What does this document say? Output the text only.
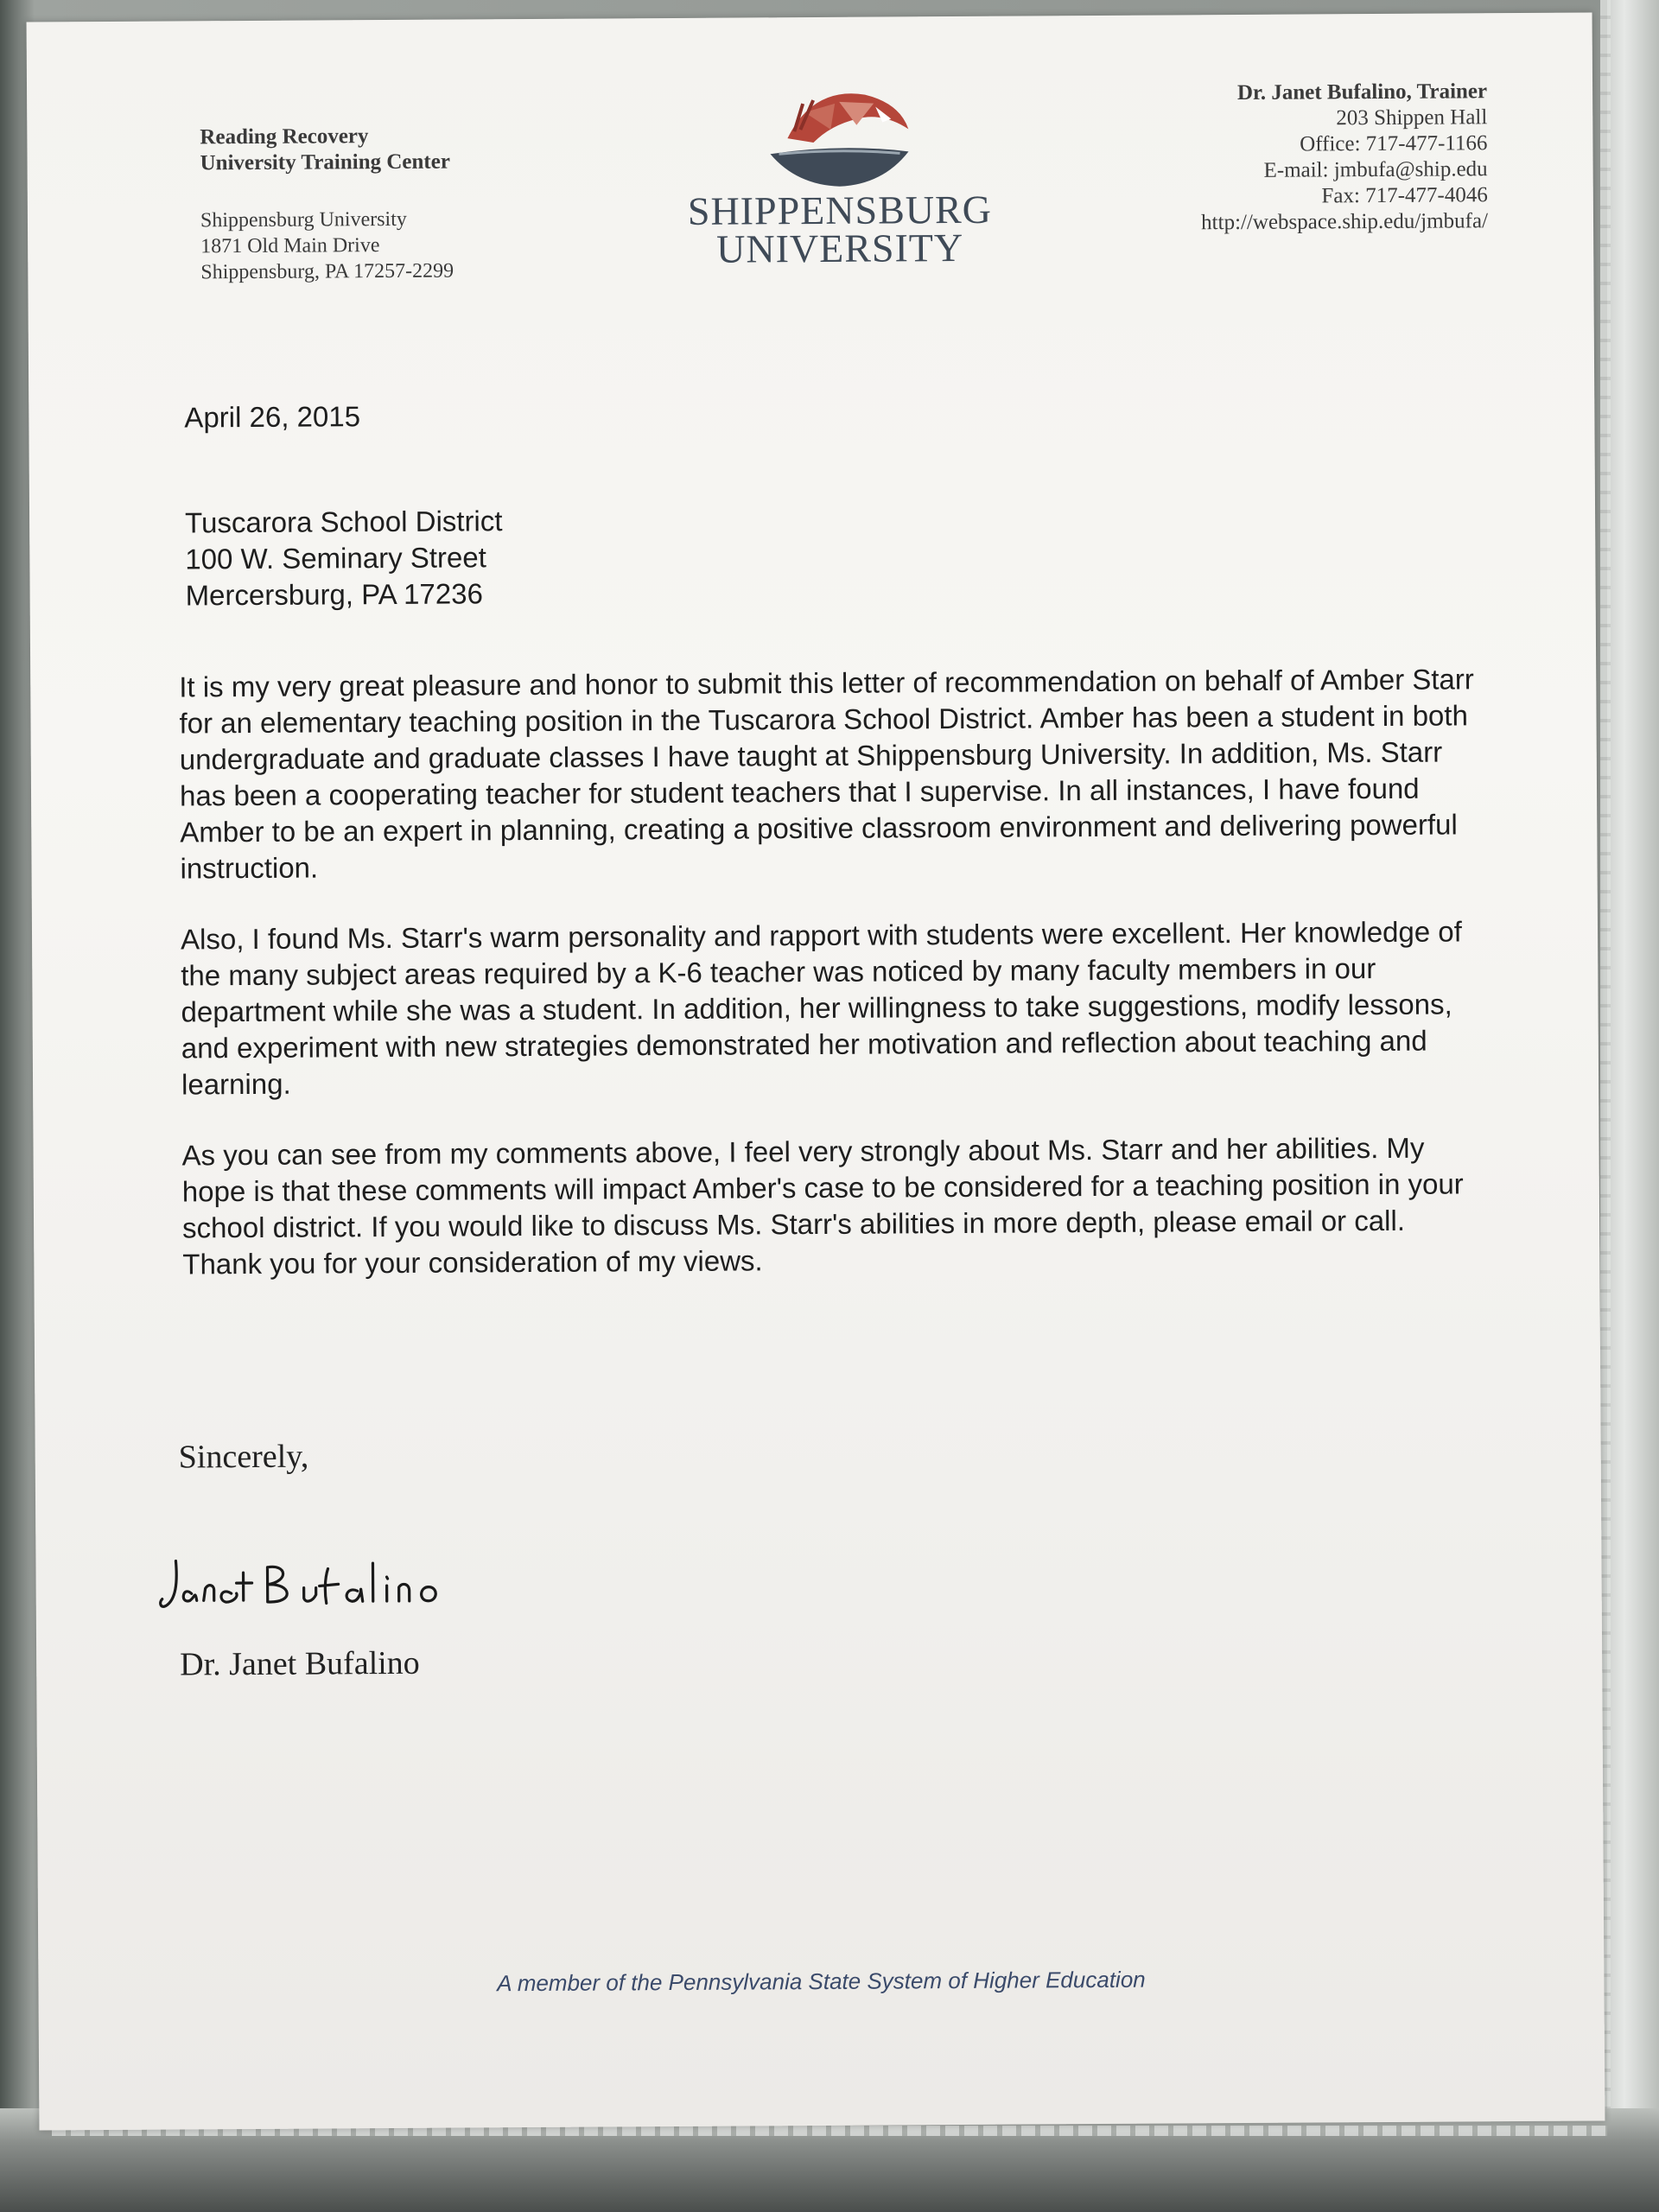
Reading Recovery
University Training Center
Shippensburg University
1871 Old Main Drive
Shippensburg, PA 17257-2299
SHIPPENSBURG
UNIVERSITY
Dr. Janet Bufalino, Trainer
203 Shippen Hall
Office: 717-477-1166
E-mail: jmbufa@ship.edu
Fax: 717-477-4046
http://webspace.ship.edu/jmbufa/
April 26, 2015
Tuscarora School District
100 W. Seminary Street
Mercersburg, PA 17236

It is my very great pleasure and honor to submit this letter of recommendation on behalf of Amber Starr for an elementary teaching position in the Tuscarora School District. Amber has been a student in both undergraduate and graduate classes I have taught at Shippensburg University. In addition, Ms. Starr has been a cooperating teacher for student teachers that I supervise. In all instances, I have found Amber to be an expert in planning, creating a positive classroom environment and delivering powerful instruction.

Also, I found Ms. Starr's warm personality and rapport with students were excellent. Her knowledge of the many subject areas required by a K-6 teacher was noticed by many faculty members in our department while she was a student. In addition, her willingness to take suggestions, modify lessons, and experiment with new strategies demonstrated her motivation and reflection about teaching and learning.

As you can see from my comments above, I feel very strongly about Ms. Starr and her abilities. My hope is that these comments will impact Amber's case to be considered for a teaching position in your school district. If you would like to discuss Ms. Starr's abilities in more depth, please email or call. Thank you for your consideration of my views.

Sincerely,
Dr. Janet Bufalino
A member of the Pennsylvania State System of Higher Education
